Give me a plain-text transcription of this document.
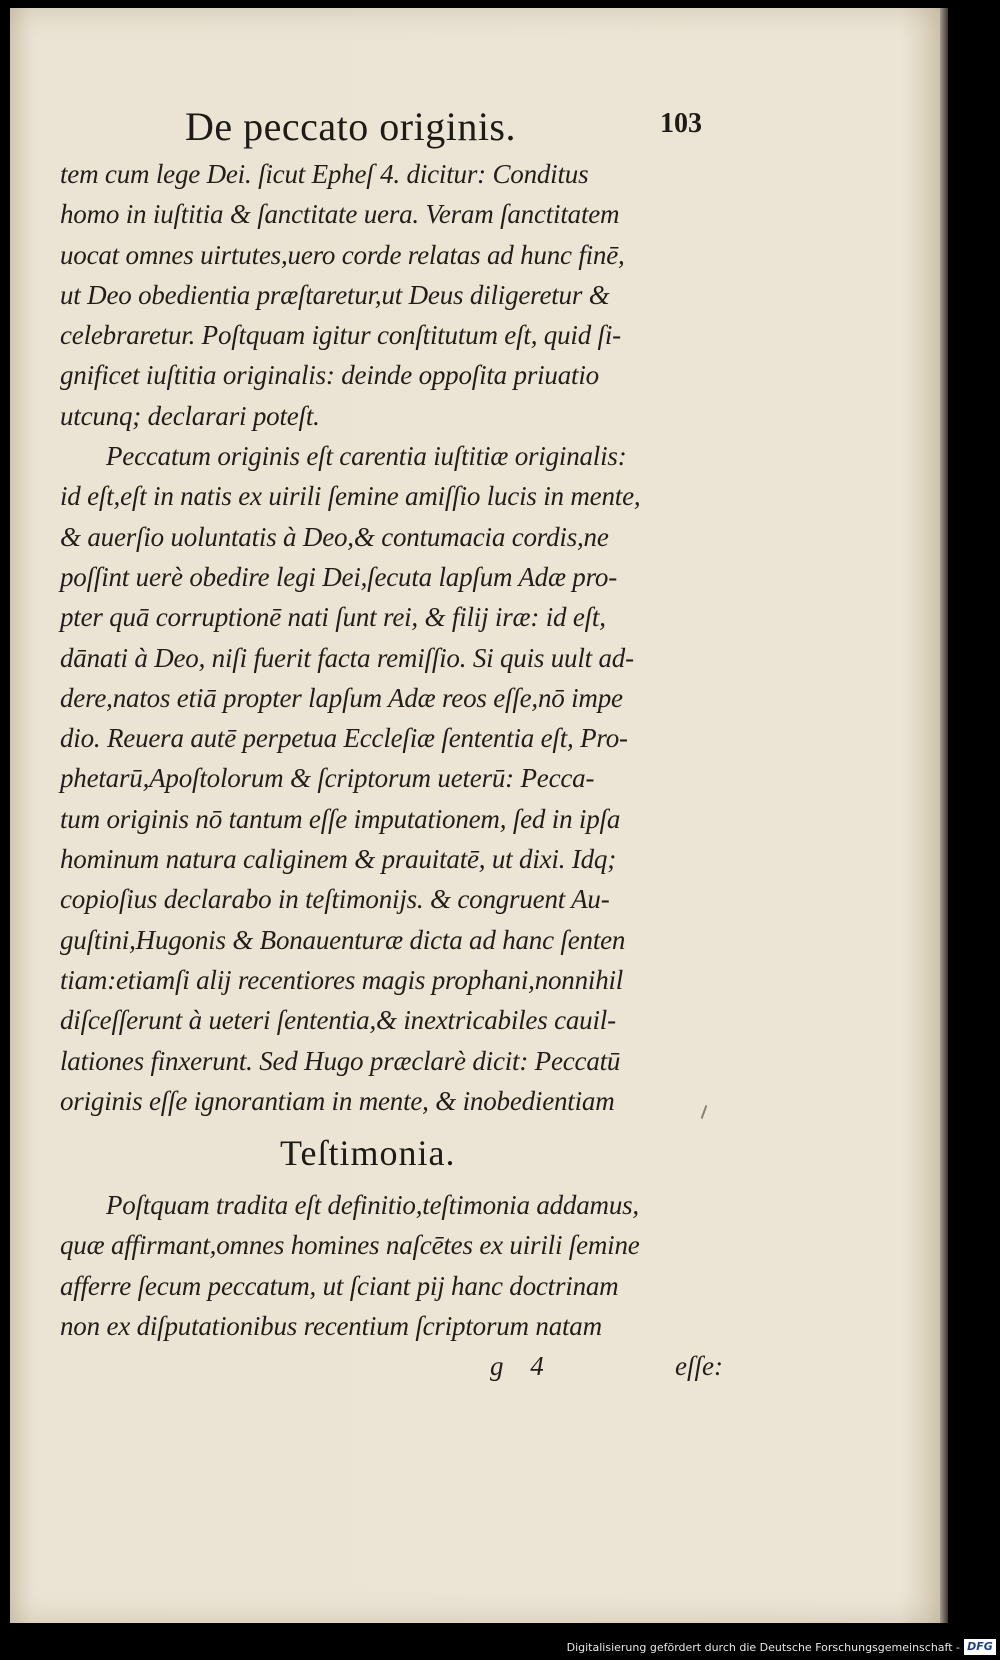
De peccato originis.	103
tem cum lege Dei. ſicut Epheſ 4. dicitur: Conditus
homo in iuſtitia & ſanctitate uera. Veram ſanctitatem
uocat omnes uirtutes,uero corde relatas ad hunc finē,
ut Deo obedientia præſtaretur,ut Deus diligeretur &
celebraretur. Poſtquam igitur conſtitutum eſt, quid ſi-
gnificet iuſtitia originalis: deinde oppoſita priuatio
utcunq; declarari poteſt.
Peccatum originis eſt carentia iuſtitiæ originalis:
id eſt,eſt in natis ex uirili ſemine amiſſio lucis in mente,
& auerſio uoluntatis à Deo,& contumacia cordis,ne
poſſint uerè obedire legi Dei,ſecuta lapſum Adæ pro-
pter quā corruptionē nati ſunt rei, & filij iræ: id eſt,
dānati à Deo, niſi fuerit facta remiſſio. Si quis uult ad-
dere,natos etiā propter lapſum Adæ reos eſſe,nō impe
dio. Reuera autē perpetua Eccleſiæ ſententia eſt, Pro-
phetarū,Apoſtolorum & ſcriptorum ueterū: Pecca-
tum originis nō tantum eſſe imputationem, ſed in ipſa
hominum natura caliginem & prauitatē, ut dixi. Idq;
copioſius declarabo in teſtimonijs. & congruent Au-
guſtini,Hugonis & Bonauenturæ dicta ad hanc ſenten
tiam:etiamſi alij recentiores magis prophani,nonnihil
diſceſſerunt à ueteri ſententia,& inextricabiles cauil-
lationes finxerunt. Sed Hugo præclarè dicit: Peccatū
originis eſſe ignorantiam in mente, & inobedientiam
Teſtimonia.
Poſtquam tradita eſt definitio,teſtimonia addamus,
quæ affirmant,omnes homines naſcētes ex uirili ſemine
afferre ſecum peccatum, ut ſciant pij hanc doctrinam
non ex diſputationibus recentium ſcriptorum natam
g 4	eſſe:
Digitalisierung gefördert durch die Deutsche Forschungsgemeinschaft - DFG
